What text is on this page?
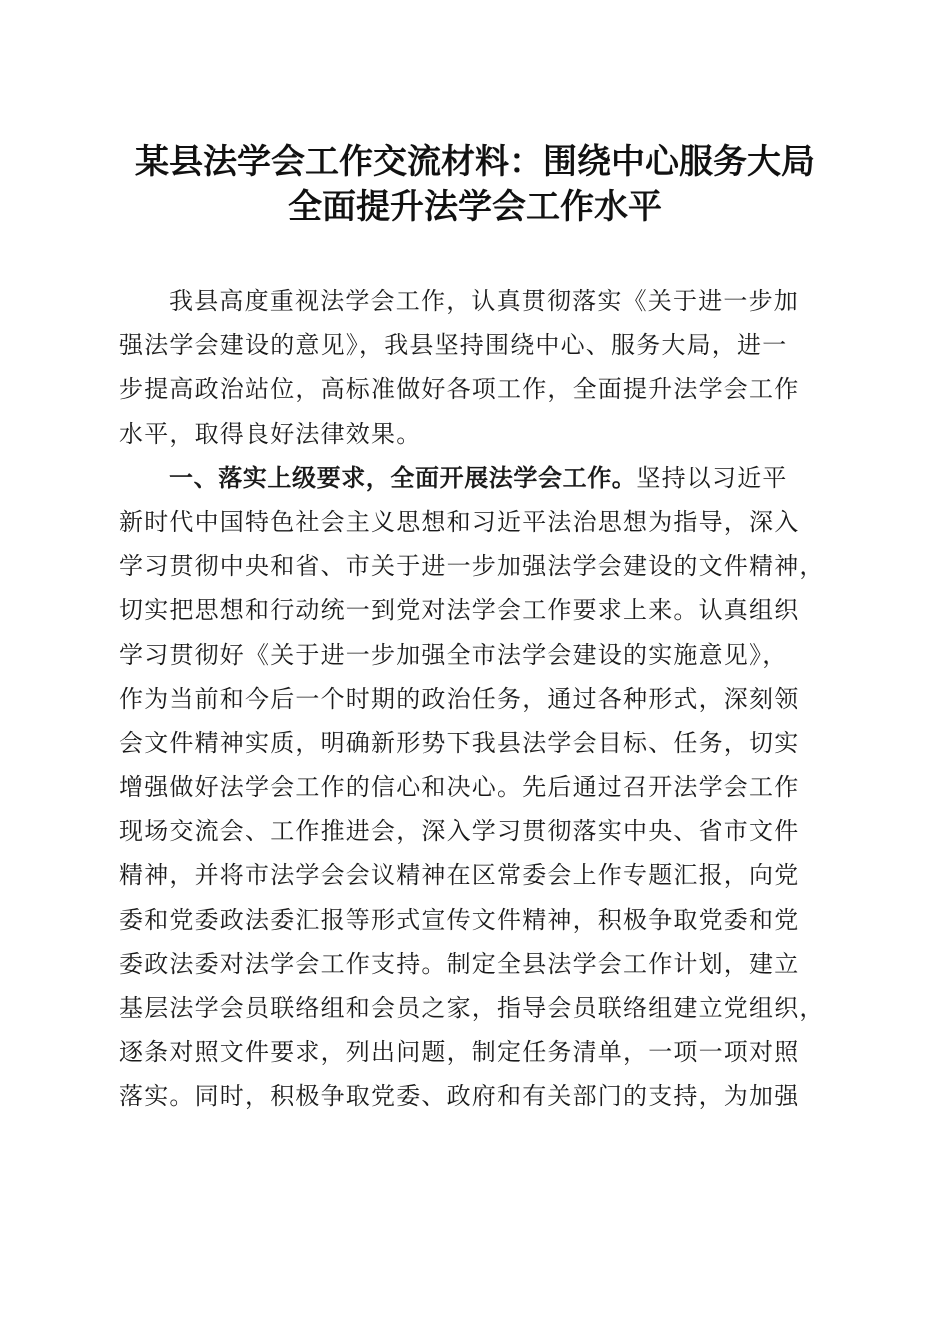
某县法学会工作交流材料：围绕中心服务大局
全面提升法学会工作水平
我县高度重视法学会工作，认真贯彻落实《关于进一步加
强法学会建设的意见》，我县坚持围绕中心、服务大局，进一
步提高政治站位，高标准做好各项工作，全面提升法学会工作
水平，取得良好法律效果。
一、落实上级要求，全面开展法学会工作。坚持以习近平
新时代中国特色社会主义思想和习近平法治思想为指导，深入
学习贯彻中央和省、市关于进一步加强法学会建设的文件精神，
切实把思想和行动统一到党对法学会工作要求上来。认真组织
学习贯彻好《关于进一步加强全市法学会建设的实施意见》，
作为当前和今后一个时期的政治任务，通过各种形式，深刻领
会文件精神实质，明确新形势下我县法学会目标、任务，切实
增强做好法学会工作的信心和决心。先后通过召开法学会工作
现场交流会、工作推进会，深入学习贯彻落实中央、省市文件
精神，并将市法学会会议精神在区常委会上作专题汇报，向党
委和党委政法委汇报等形式宣传文件精神，积极争取党委和党
委政法委对法学会工作支持。制定全县法学会工作计划，建立
基层法学会员联络组和会员之家，指导会员联络组建立党组织，
逐条对照文件要求，列出问题，制定任务清单，一项一项对照
落实。同时，积极争取党委、政府和有关部门的支持，为加强
